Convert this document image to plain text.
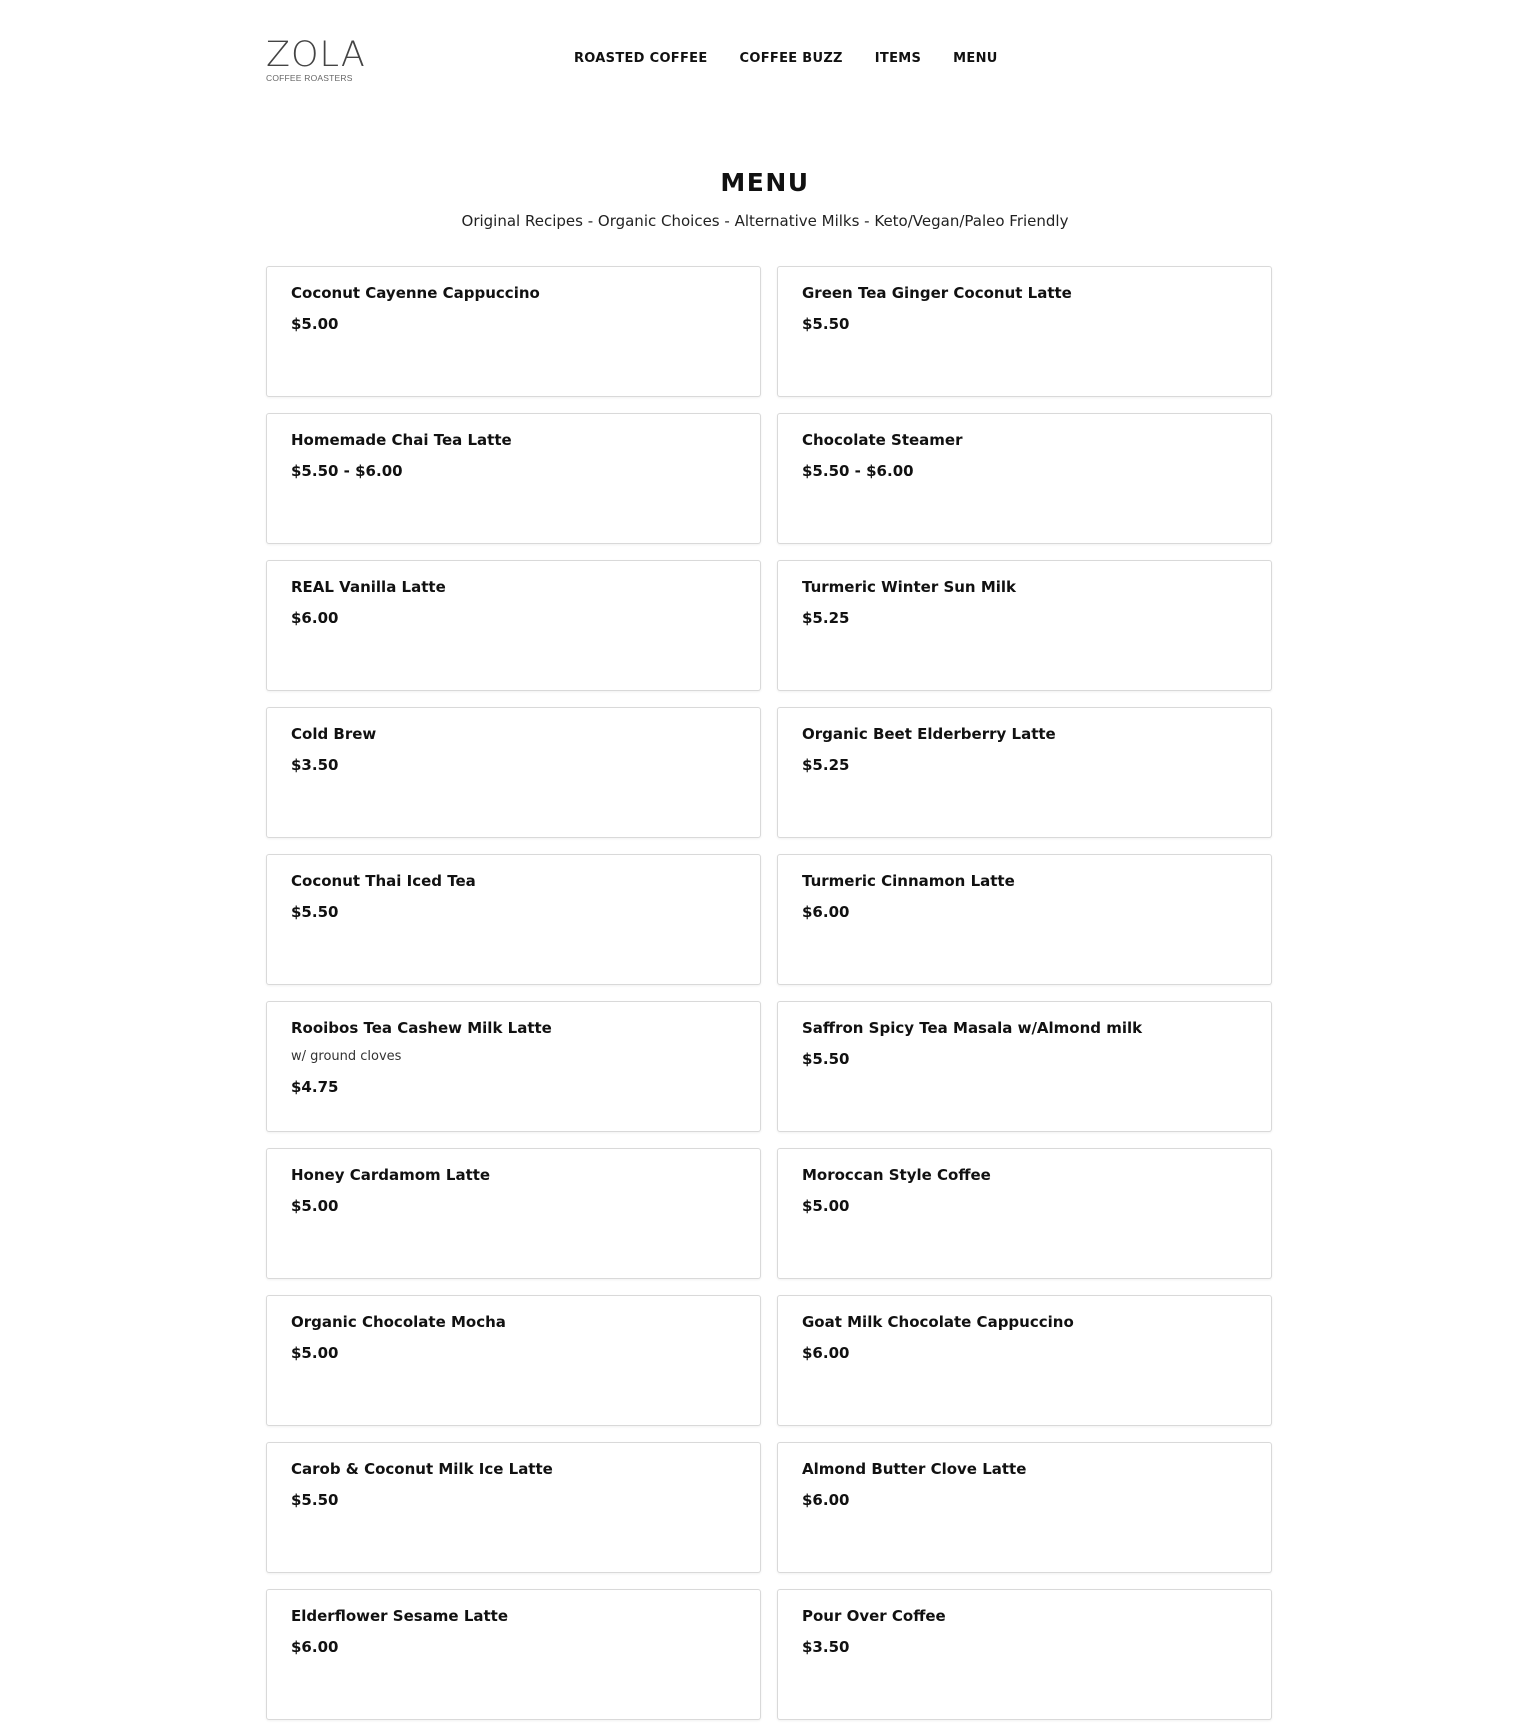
ZOLA
COFFEE ROASTERS
ROASTED COFFEE COFFEE BUZZ ITEMS MENU
MENU

Original Recipes - Organic Choices - Alternative Milks - Keto/Vegan/Paleo Friendly

Coconut Cayenne Cappuccino
$5.00
Green Tea Ginger Coconut Latte
$5.50
Homemade Chai Tea Latte
$5.50 - $6.00
Chocolate Steamer
$5.50 - $6.00
REAL Vanilla Latte
$6.00
Turmeric Winter Sun Milk
$5.25
Cold Brew
$3.50
Organic Beet Elderberry Latte
$5.25
Coconut Thai Iced Tea
$5.50
Turmeric Cinnamon Latte
$6.00
Rooibos Tea Cashew Milk Latte
w/ ground cloves
$4.75
Saffron Spicy Tea Masala w/Almond milk
$5.50
Honey Cardamom Latte
$5.00
Moroccan Style Coffee
$5.00
Organic Chocolate Mocha
$5.00
Goat Milk Chocolate Cappuccino
$6.00
Carob & Coconut Milk Ice Latte
$5.50
Almond Butter Clove Latte
$6.00
Elderflower Sesame Latte
$6.00
Pour Over Coffee
$3.50
